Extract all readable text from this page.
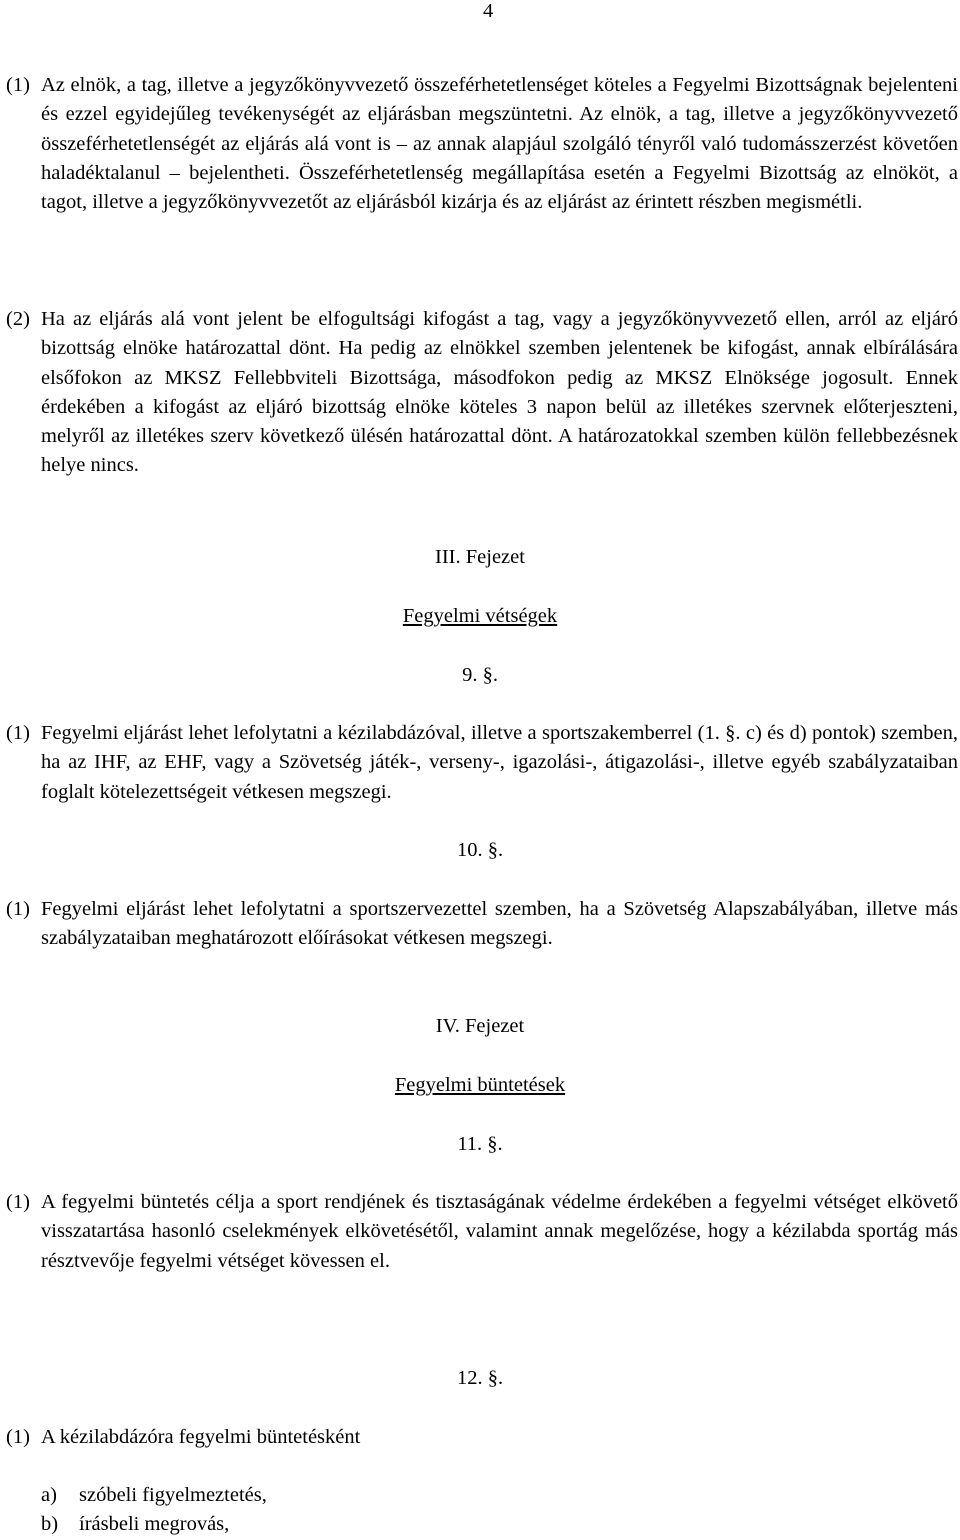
4
(1) Az elnök, a tag, illetve a jegyzőkönyvvezető összeférhetetlenséget köteles a Fegyelmi Bizottságnak bejelenteni és ezzel egyidejűleg tevékenységét az eljárásban megszüntetni. Az elnök, a tag, illetve a jegyzőkönyvvezető összeférhetetlenségét az eljárás alá vont is – az annak alapjául szolgáló tényről való tudomásszerzést követően haladéktalanul – bejelentheti. Összeférhetetlenség megállapítása esetén a Fegyelmi Bizottság az elnököt, a tagot, illetve a jegyzőkönyvvezetőt az eljárásból kizárja és az eljárást az érintett részben megismétli.
(2) Ha az eljárás alá vont jelent be elfogultsági kifogást a tag, vagy a jegyzőkönyvvezető ellen, arról az eljáró bizottság elnöke határozattal dönt. Ha pedig az elnökkel szemben jelentenek be kifogást, annak elbírálására elsőfokon az MKSZ Fellebbviteli Bizottsága, másodfokon pedig az MKSZ Elnöksége jogosult. Ennek érdekében a kifogást az eljáró bizottság elnöke köteles 3 napon belül az illetékes szervnek előterjeszteni, melyről az illetékes szerv következő ülésén határozattal dönt. A határozatokkal szemben külön fellebbezésnek helye nincs.
III. Fejezet
Fegyelmi vétségek
9. §.
(1) Fegyelmi eljárást lehet lefolytatni a kézilabdázóval, illetve a sportszakemberrel (1. §. c) és d) pontok) szemben, ha az IHF, az EHF, vagy a Szövetség játék-, verseny-, igazolási-, átigazolási-, illetve egyéb szabályzataiban foglalt kötelezettségeit vétkesen megszegi.
10. §.
(1) Fegyelmi eljárást lehet lefolytatni a sportszervezettel szemben, ha a Szövetség Alapszabályában, illetve más szabályzataiban meghatározott előírásokat vétkesen megszegi.
IV. Fejezet
Fegyelmi büntetések
11. §.
(1) A fegyelmi büntetés célja a sport rendjének és tisztaságának védelme érdekében a fegyelmi vétséget elkövető visszatartása hasonló cselekmények elkövetésétől, valamint annak megelőzése, hogy a kézilabda sportág más résztvevője fegyelmi vétséget kövessen el.
12. §.
(1) A kézilabdázóra fegyelmi büntetésként
a) szóbeli figyelmeztetés,
b) írásbeli megrovás,
